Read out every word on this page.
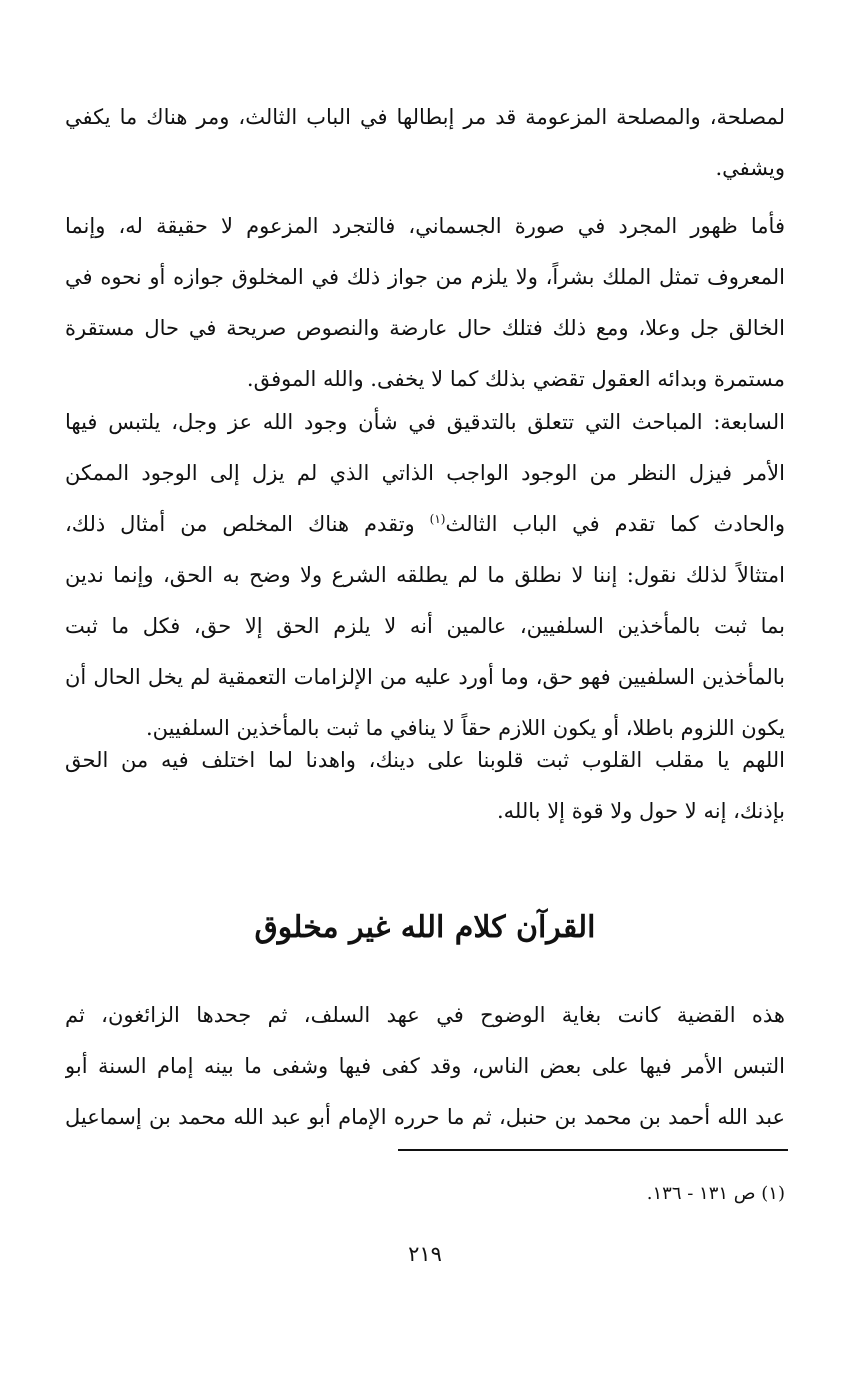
لمصلحة، والمصلحة المزعومة قد مر إبطالها في الباب الثالث، ومر هناك ما يكفي
ويشفي.
فأما ظهور المجرد في صورة الجسماني، فالتجرد المزعوم لا حقيقة له، وإنما
المعروف تمثل الملك بشراً، ولا يلزم من جواز ذلك في المخلوق جوازه أو نحوه في
الخالق جل وعلا، ومع ذلك فتلك حال عارضة والنصوص صريحة في حال مستقرة
مستمرة وبدائه العقول تقضي بذلك كما لا يخفى. والله الموفق.
السابعة: المباحث التي تتعلق بالتدقيق في شأن وجود الله عز وجل، يلتبس فيها
الأمر فيزل النظر من الوجود الواجب الذاتي الذي لم يزل إلى الوجود الممكن
والحادث كما تقدم في الباب الثالث$^{(١)}$ وتقدم هناك المخلص من أمثال ذلك،
امتثالاً لذلك نقول: إننا لا نطلق ما لم يطلقه الشرع ولا وضح به الحق، وإنما ندين
بما ثبت بالمأخذين السلفيين، عالمين أنه لا يلزم الحق إلا حق، فكل ما ثبت
بالمأخذين السلفيين فهو حق، وما أورد عليه من الإلزامات التعمقية لم يخل الحال أن
يكون اللزوم باطلا، أو يكون اللازم حقاً لا ينافي ما ثبت بالمأخذين السلفيين.
اللهم يا مقلب القلوب ثبت قلوبنا على دينك، واهدنا لما اختلف فيه من الحق
بإذنك، إنه لا حول ولا قوة إلا بالله.
القرآن كلام الله غير مخلوق
هذه القضية كانت بغاية الوضوح في عهد السلف، ثم جحدها الزائغون، ثم
التبس الأمر فيها على بعض الناس، وقد كفى فيها وشفى ما بينه إمام السنة أبو
عبد الله أحمد بن محمد بن حنبل، ثم ما حرره الإمام أبو عبد الله محمد بن إسماعيل
(١) ص ١٣١ - ١٣٦.
٢١٩
